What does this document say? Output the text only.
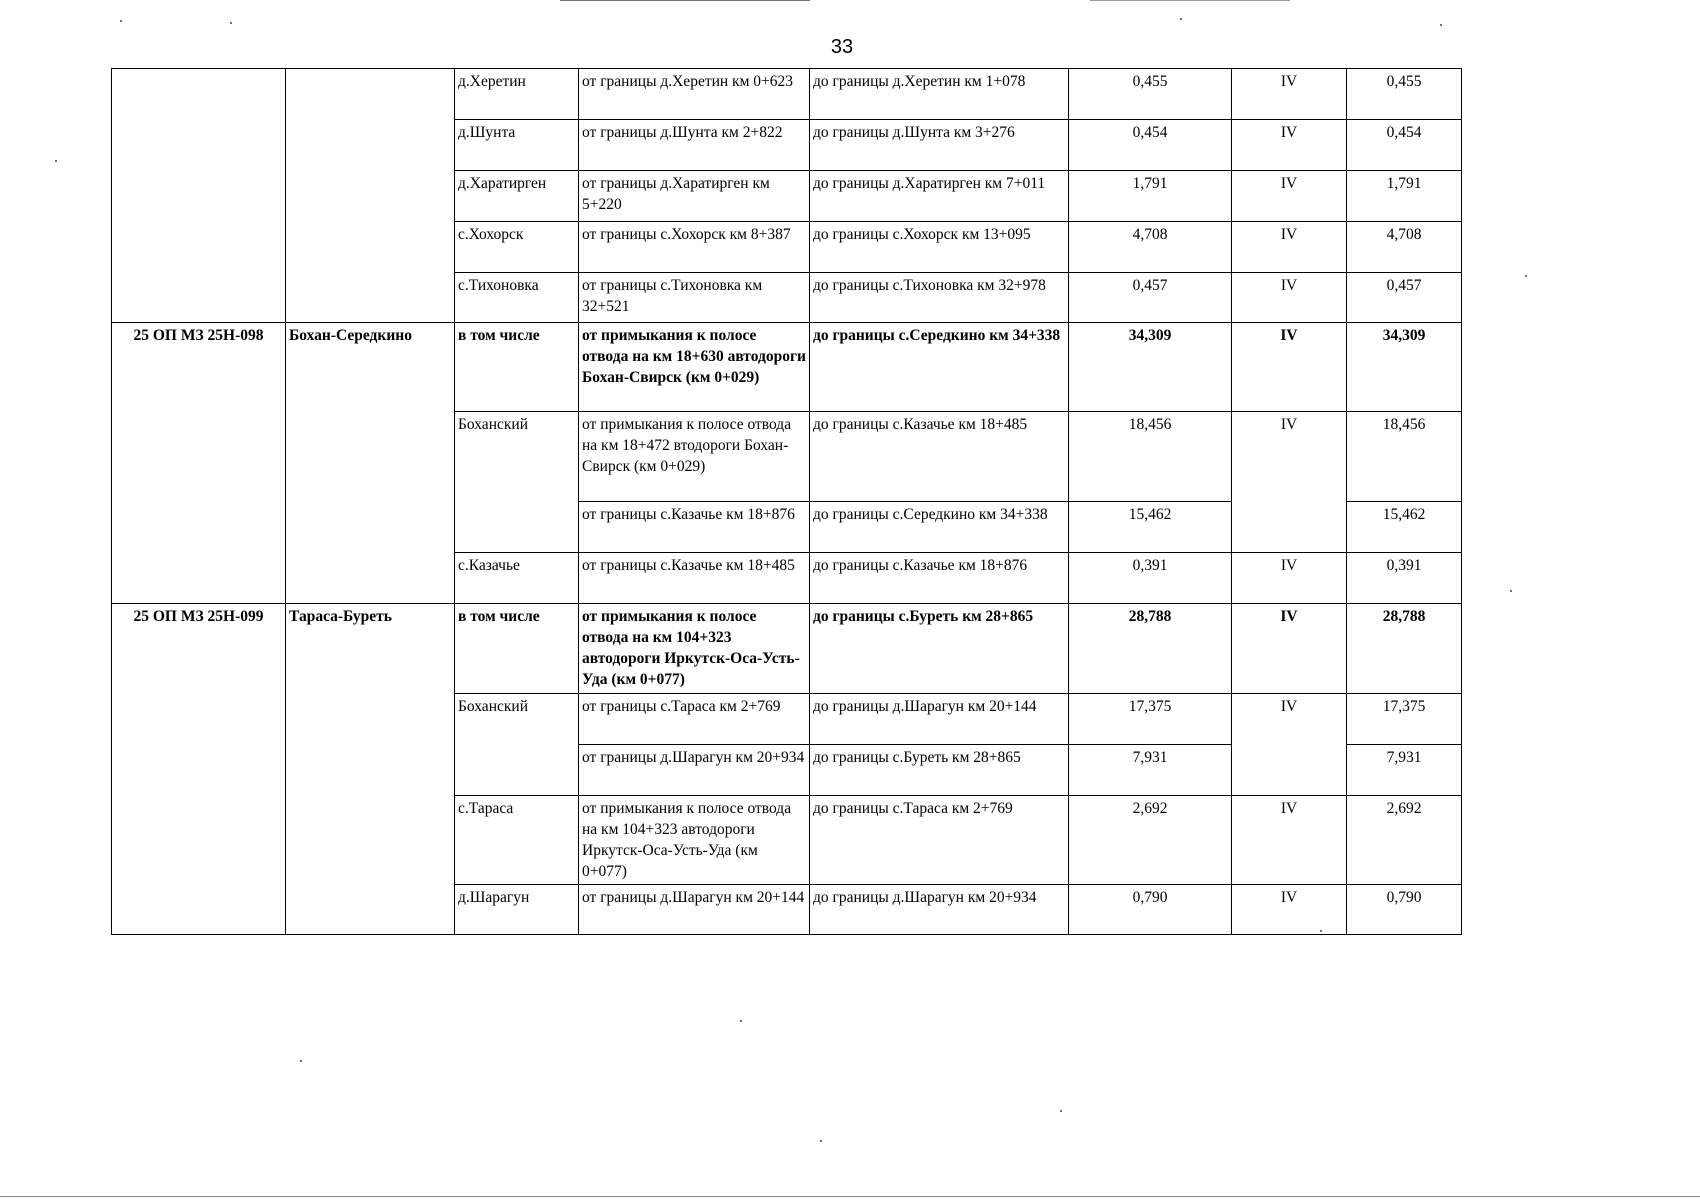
33
		д.Херетин	от границы д.Херетин км 0+623	до границы д.Херетин км 1+078	0,455	IV	0,455
		д.Шунта	от границы д.Шунта км 2+822	до границы д.Шунта км 3+276	0,454	IV	0,454
		д.Харатирген	от границы д.Харатирген км 5+220	до границы д.Харатирген км 7+011	1,791	IV	1,791
		с.Хохорск	от границы с.Хохорск км 8+387	до границы с.Хохорск км 13+095	4,708	IV	4,708
		с.Тихоновка	от границы с.Тихоновка км 32+521	до границы с.Тихоновка км 32+978	0,457	IV	0,457
25 ОП МЗ 25Н-098	Бохан-Середкино	в том числе	от примыкания к полосе отвода на км 18+630 автодороги Бохан-Свирск (км 0+029)	до границы с.Середкино км 34+338	34,309	IV	34,309
		Боханский	от примыкания к полосе отвода на км 18+472 втодороги Бохан-Свирск (км 0+029)	до границы с.Казачье км 18+485	18,456	IV	18,456
			от границы с.Казачье км 18+876	до границы с.Середкино км 34+338	15,462		15,462
		с.Казачье	от границы с.Казачье км 18+485	до границы с.Казачье км 18+876	0,391	IV	0,391
25 ОП МЗ 25Н-099	Тараса-Буреть	в том числе	от примыкания к полосе отвода на км 104+323 автодороги Иркутск-Оса-Усть-Уда (км 0+077)	до границы с.Буреть км 28+865	28,788	IV	28,788
		Боханский	от границы с.Тараса км 2+769	до границы д.Шарагун км 20+144	17,375	IV	17,375
			от границы д.Шарагун км 20+934	до границы с.Буреть км 28+865	7,931		7,931
		с.Тараса	от примыкания к полосе отвода на км 104+323 автодороги Иркутск-Оса-Усть-Уда (км 0+077)	до границы с.Тараса км 2+769	2,692	IV	2,692
		д.Шарагун	от границы д.Шарагун км 20+144	до границы д.Шарагун км 20+934	0,790	IV	0,790
